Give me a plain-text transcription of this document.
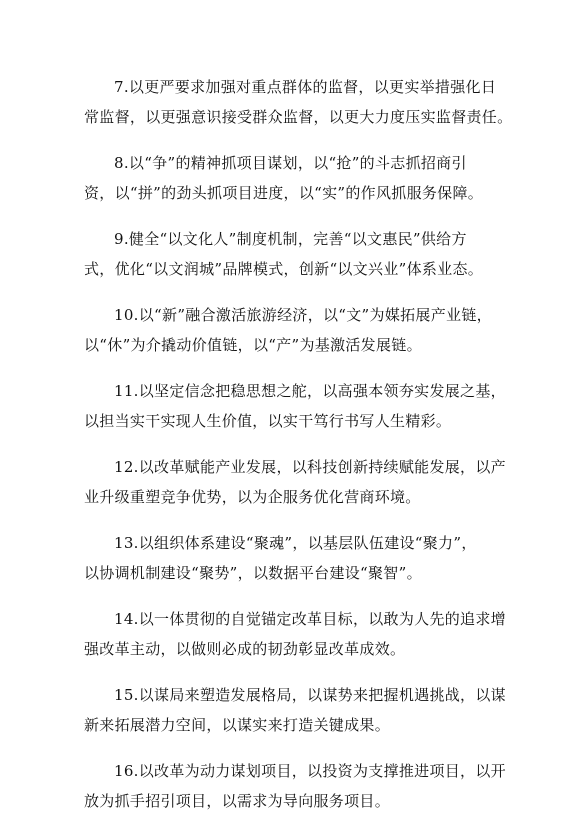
7.以更严要求加强对重点群体的监督，以更实举措强化日
常监督，以更强意识接受群众监督，以更大力度压实监督责任。

8.以“争”的精神抓项目谋划，以“抢”的斗志抓招商引
资，以“拼”的劲头抓项目进度，以“实”的作风抓服务保障。

9.健全“以文化人”制度机制，完善“以文惠民”供给方
式，优化“以文润城”品牌模式，创新“以文兴业”体系业态。

10.以“新”融合激活旅游经济，以“文”为媒拓展产业链，
以“休”为介撬动价值链，以“产”为基激活发展链。

11.以坚定信念把稳思想之舵，以高强本领夯实发展之基，
以担当实干实现人生价值，以实干笃行书写人生精彩。

12.以改革赋能产业发展，以科技创新持续赋能发展，以产
业升级重塑竞争优势，以为企服务优化营商环境。

13.以组织体系建设“聚魂”，以基层队伍建设“聚力”，
以协调机制建设“聚势”，以数据平台建设“聚智”。

14.以一体贯彻的自觉锚定改革目标，以敢为人先的追求增
强改革主动，以做则必成的韧劲彰显改革成效。

15.以谋局来塑造发展格局，以谋势来把握机遇挑战，以谋
新来拓展潜力空间，以谋实来打造关键成果。

16.以改革为动力谋划项目，以投资为支撑推进项目，以开
放为抓手招引项目，以需求为导向服务项目。
